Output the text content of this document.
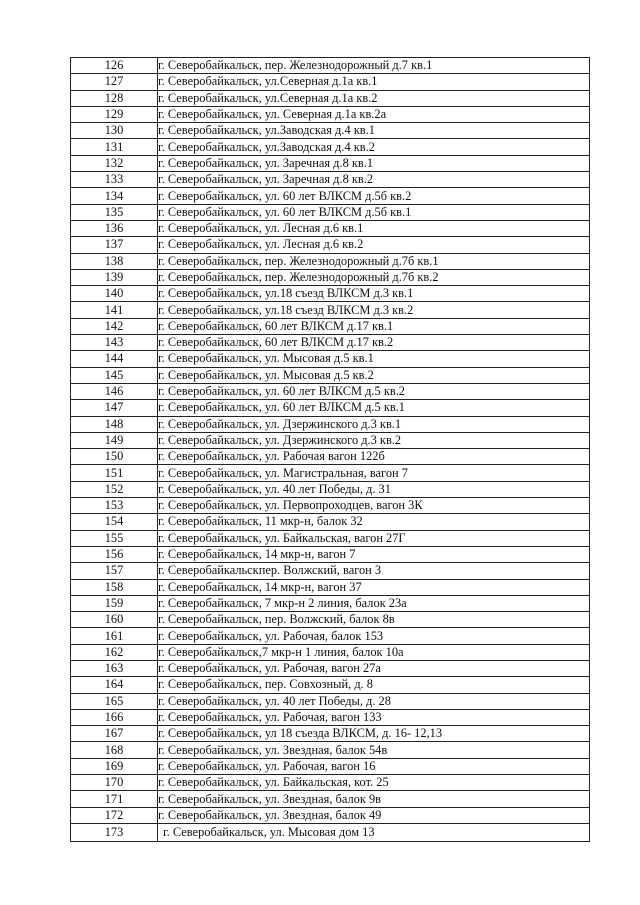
126	г. Северобайкальск, пер. Железнодорожный д.7 кв.1
127	г. Северобайкальск, ул.Северная д.1а кв.1
128	г. Северобайкальск, ул.Северная д.1а кв.2
129	г. Северобайкальск, ул. Северная д.1а кв.2а
130	г. Северобайкальск, ул.Заводская д.4 кв.1
131	г. Северобайкальск, ул.Заводская д.4 кв.2
132	г. Северобайкальск, ул. Заречная д.8 кв.1
133	г. Северобайкальск, ул. Заречная д.8 кв.2
134	г. Северобайкальск, ул. 60 лет ВЛКСМ д.5б кв.2
135	г. Северобайкальск, ул. 60 лет ВЛКСМ д.5б кв.1
136	г. Северобайкальск, ул. Лесная д.6 кв.1
137	г. Северобайкальск, ул. Лесная д.6 кв.2
138	г. Северобайкальск, пер. Железнодорожный д.7б кв.1
139	г. Северобайкальск, пер. Железнодорожный д.7б кв.2
140	г. Северобайкальск, ул.18 съезд ВЛКСМ д.3 кв.1
141	г. Северобайкальск, ул.18 съезд ВЛКСМ д.3 кв.2
142	г. Северобайкальск, 60 лет ВЛКСМ д.17 кв.1
143	г. Северобайкальск, 60 лет ВЛКСМ д.17 кв.2
144	г. Северобайкальск, ул. Мысовая д.5 кв.1
145	г. Северобайкальск, ул. Мысовая д.5 кв.2
146	г. Северобайкальск, ул. 60 лет ВЛКСМ д.5 кв.2
147	г. Северобайкальск, ул. 60 лет ВЛКСМ д.5 кв.1
148	г. Северобайкальск, ул. Дзержинского д.3 кв.1
149	г. Северобайкальск, ул. Дзержинского д.3 кв.2
150	г. Северобайкальск, ул. Рабочая вагон 122б
151	г. Северобайкальск, ул. Магистральная, вагон 7
152	г. Северобайкальск, ул. 40 лет Победы, д. 31
153	г. Северобайкальск, ул. Первопроходцев, вагон 3К
154	г. Северобайкальск, 11 мкр-н, балок 32
155	г. Северобайкальск, ул. Байкальская, вагон 27Г
156	г. Северобайкальск, 14 мкр-н, вагон 7
157	г. Северобайкальскпер. Волжский, вагон 3
158	г. Северобайкальск, 14 мкр-н, вагон 37
159	г. Северобайкальск, 7 мкр-н 2 линия, балок 23а
160	г. Северобайкальск, пер. Волжский, балок 8в
161	г. Северобайкальск, ул. Рабочая, балок 153
162	г. Северобайкальск,7 мкр-н 1 линия, балок 10а
163	г. Северобайкальск, ул. Рабочая, вагон 27а
164	г. Северобайкальск, пер. Совхозный, д. 8
165	г. Северобайкальск, ул. 40 лет Победы, д. 28
166	г. Северобайкальск, ул. Рабочая, вагон 133
167	г. Северобайкальск, ул 18 съезда ВЛКСМ, д. 16- 12,13
168	г. Северобайкальск, ул. Звездная, балок 54в
169	г. Северобайкальск, ул. Рабочая, вагон 16
170	г. Северобайкальск, ул. Байкальская, кот. 25
171	г. Северобайкальск, ул. Звездная, балок 9в
172	г. Северобайкальск, ул. Звездная, балок 49
173	г. Северобайкальск, ул. Мысовая дом 13
